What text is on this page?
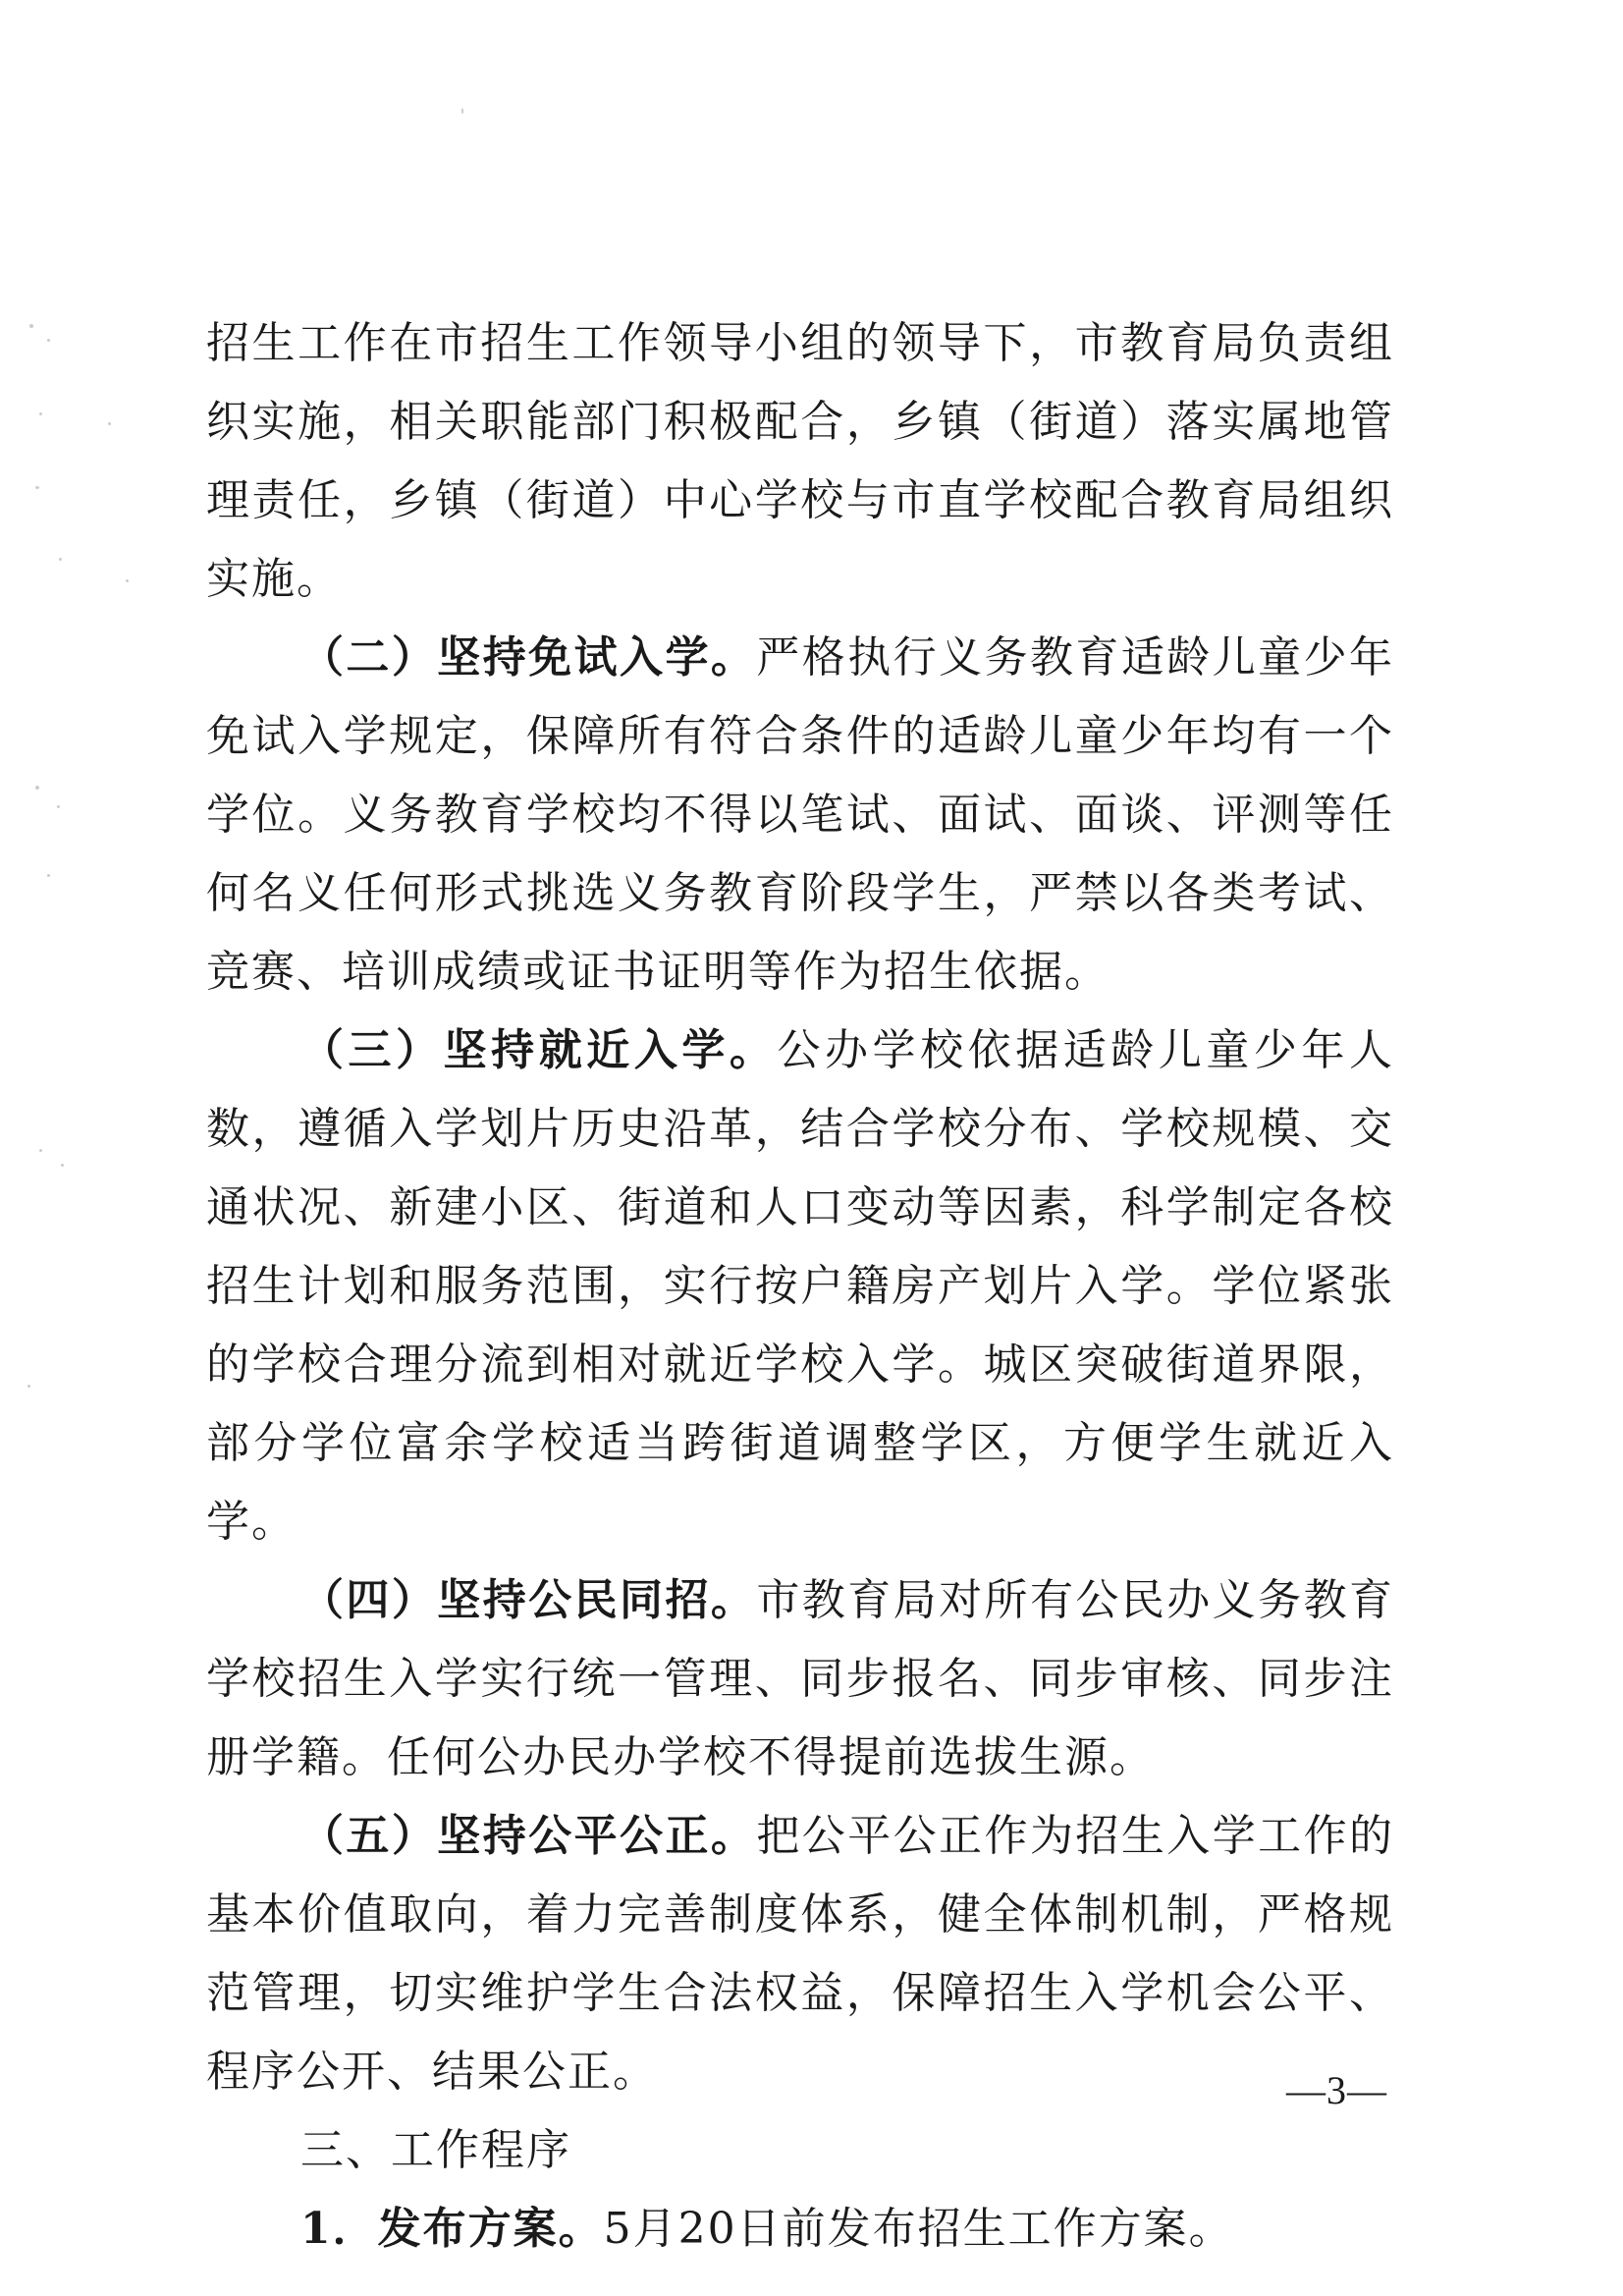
招生工作在市招生工作领导小组的领导下，市教育局负责组织实施，相关职能部门积极配合，乡镇（街道）落实属地管理责任，乡镇（街道）中心学校与市直学校配合教育局组织实施。

（二）坚持免试入学。严格执行义务教育适龄儿童少年免试入学规定，保障所有符合条件的适龄儿童少年均有一个学位。义务教育学校均不得以笔试、面试、面谈、评测等任何名义任何形式挑选义务教育阶段学生，严禁以各类考试、竞赛、培训成绩或证书证明等作为招生依据。

（三）坚持就近入学。公办学校依据适龄儿童少年人数，遵循入学划片历史沿革，结合学校分布、学校规模、交通状况、新建小区、街道和人口变动等因素，科学制定各校招生计划和服务范围，实行按户籍房产划片入学。学位紧张的学校合理分流到相对就近学校入学。城区突破街道界限，部分学位富余学校适当跨街道调整学区，方便学生就近入学。

（四）坚持公民同招。市教育局对所有公民办义务教育学校招生入学实行统一管理、同步报名、同步审核、同步注册学籍。任何公办民办学校不得提前选拔生源。

（五）坚持公平公正。把公平公正作为招生入学工作的基本价值取向，着力完善制度体系，健全体制机制，严格规范管理，切实维护学生合法权益，保障招生入学机会公平、程序公开、结果公正。

三、工作程序

1．发布方案。5月20日前发布招生工作方案。

—3—
